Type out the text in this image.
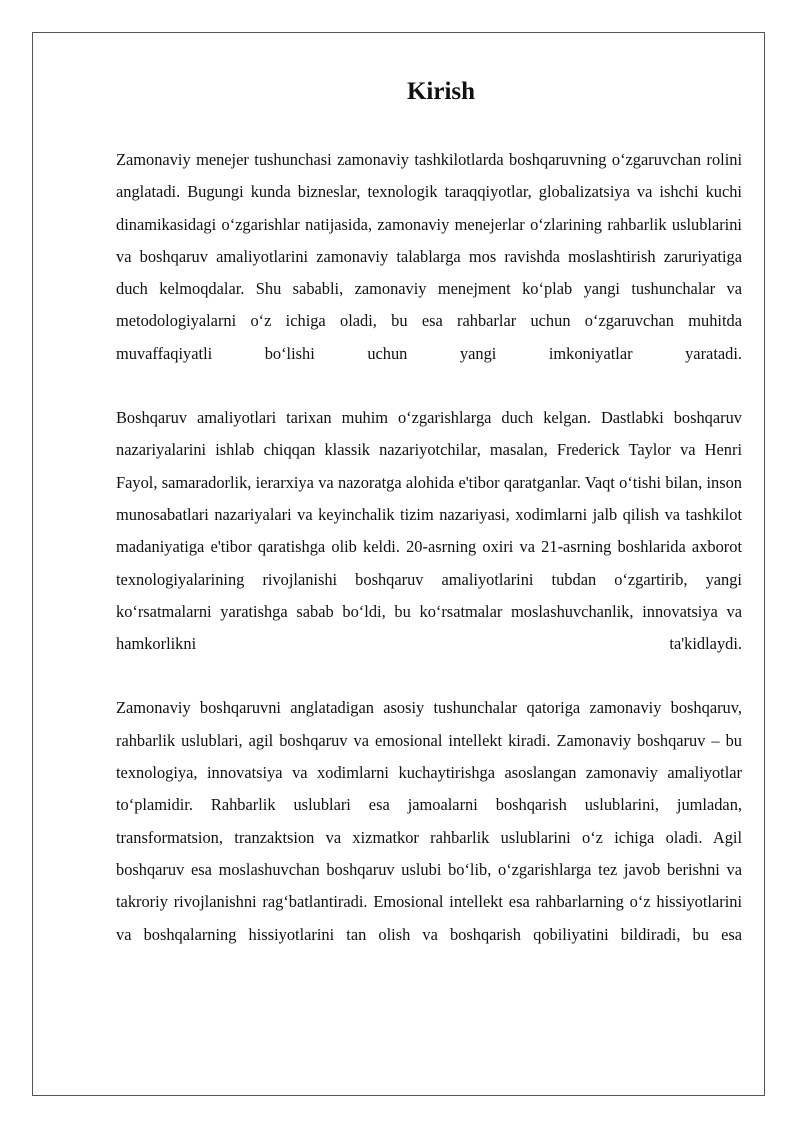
Kirish

Zamonaviy menejer tushunchasi zamonaviy tashkilotlarda boshqaruvning o‘zgaruvchan rolini anglatadi. Bugungi kunda bizneslar, texnologik taraqqiyotlar, globalizatsiya va ishchi kuchi dinamikasidagi o‘zgarishlar natijasida, zamonaviy menejerlar o‘zlarining rahbarlik uslublarini va boshqaruv amaliyotlarini zamonaviy talablarga mos ravishda moslashtirish zaruriyatiga duch kelmoqdalar. Shu sababli, zamonaviy menejment ko‘plab yangi tushunchalar va metodologiyalarni o‘z ichiga oladi, bu esa rahbarlar uchun o‘zgaruvchan muhitda muvaffaqiyatli bo‘lishi uchun yangi imkoniyatlar yaratadi.

Boshqaruv amaliyotlari tarixan muhim o‘zgarishlarga duch kelgan. Dastlabki boshqaruv nazariyalarini ishlab chiqqan klassik nazariyotchilar, masalan, Frederick Taylor va Henri Fayol, samaradorlik, ierarxiya va nazoratga alohida e'tibor qaratganlar. Vaqt o‘tishi bilan, inson munosabatlari nazariyalari va keyinchalik tizim nazariyasi, xodimlarni jalb qilish va tashkilot madaniyatiga e'tibor qaratishga olib keldi. 20-asrning oxiri va 21-asrning boshlarida axborot texnologiyalarining rivojlanishi boshqaruv amaliyotlarini tubdan o‘zgartirib, yangi ko‘rsatmalarni yaratishga sabab bo‘ldi, bu ko‘rsatmalar moslashuvchanlik, innovatsiya va hamkorlikni ta'kidlaydi.

Zamonaviy boshqaruvni anglatadigan asosiy tushunchalar qatoriga zamonaviy boshqaruv, rahbarlik uslublari, agil boshqaruv va emosional intellekt kiradi. Zamonaviy boshqaruv – bu texnologiya, innovatsiya va xodimlarni kuchaytirishga asoslangan zamonaviy amaliyotlar to‘plamidir. Rahbarlik uslublari esa jamoalarni boshqarish uslublarini, jumladan, transformatsion, tranzaktsion va xizmatkor rahbarlik uslublarini o‘z ichiga oladi. Agil boshqaruv esa moslashuvchan boshqaruv uslubi bo‘lib, o‘zgarishlarga tez javob berishni va takroriy rivojlanishni rag‘batlantiradi. Emosional intellekt esa rahbarlarning o‘z hissiyotlarini va boshqalarning hissiyotlarini tan olish va boshqarish qobiliyatini bildiradi, bu esa
